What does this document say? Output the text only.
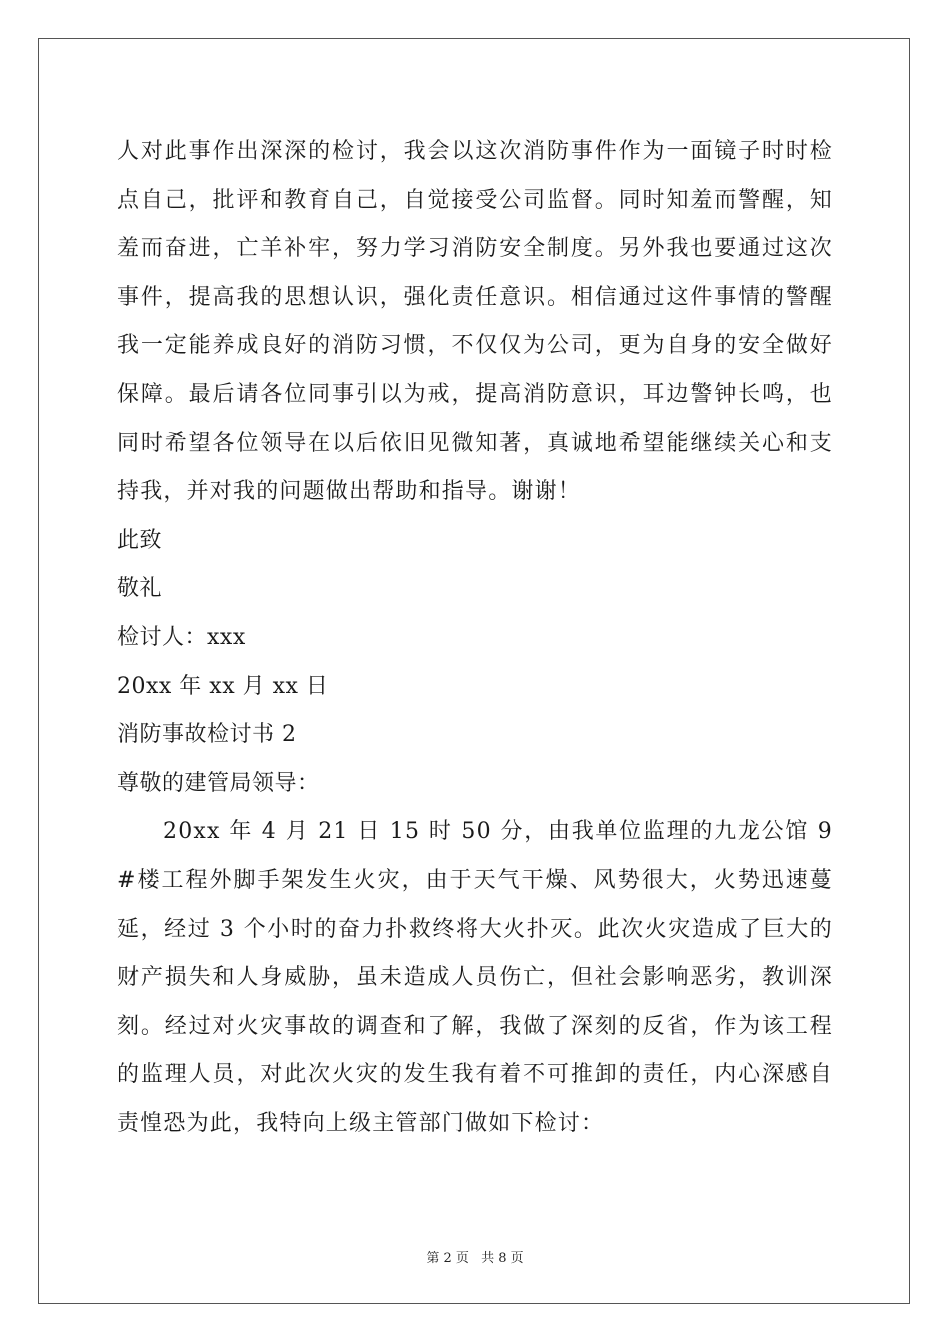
人对此事作出深深的检讨，我会以这次消防事件作为一面镜子时时检点自己，批评和教育自己，自觉接受公司监督。同时知羞而警醒，知羞而奋进，亡羊补牢，努力学习消防安全制度。另外我也要通过这次事件，提高我的思想认识，强化责任意识。相信通过这件事情的警醒我一定能养成良好的消防习惯，不仅仅为公司，更为自身的安全做好保障。最后请各位同事引以为戒，提高消防意识，耳边警钟长鸣，也同时希望各位领导在以后依旧见微知著，真诚地希望能继续关心和支持我，并对我的问题做出帮助和指导。谢谢！

此致

敬礼

检讨人：xxx

20xx 年 xx 月 xx 日

消防事故检讨书 2

尊敬的建管局领导：

20xx 年 4 月 21 日 15 时 50 分，由我单位监理的九龙公馆 9#楼工程外脚手架发生火灾，由于天气干燥、风势很大，火势迅速蔓延，经过 3 个小时的奋力扑救终将大火扑灭。此次火灾造成了巨大的财产损失和人身威胁，虽未造成人员伤亡，但社会影响恶劣，教训深刻。经过对火灾事故的调查和了解，我做了深刻的反省，作为该工程的监理人员，对此次火灾的发生我有着不可推卸的责任，内心深感自责惶恐为此，我特向上级主管部门做如下检讨：

第 2 页 共 8 页
